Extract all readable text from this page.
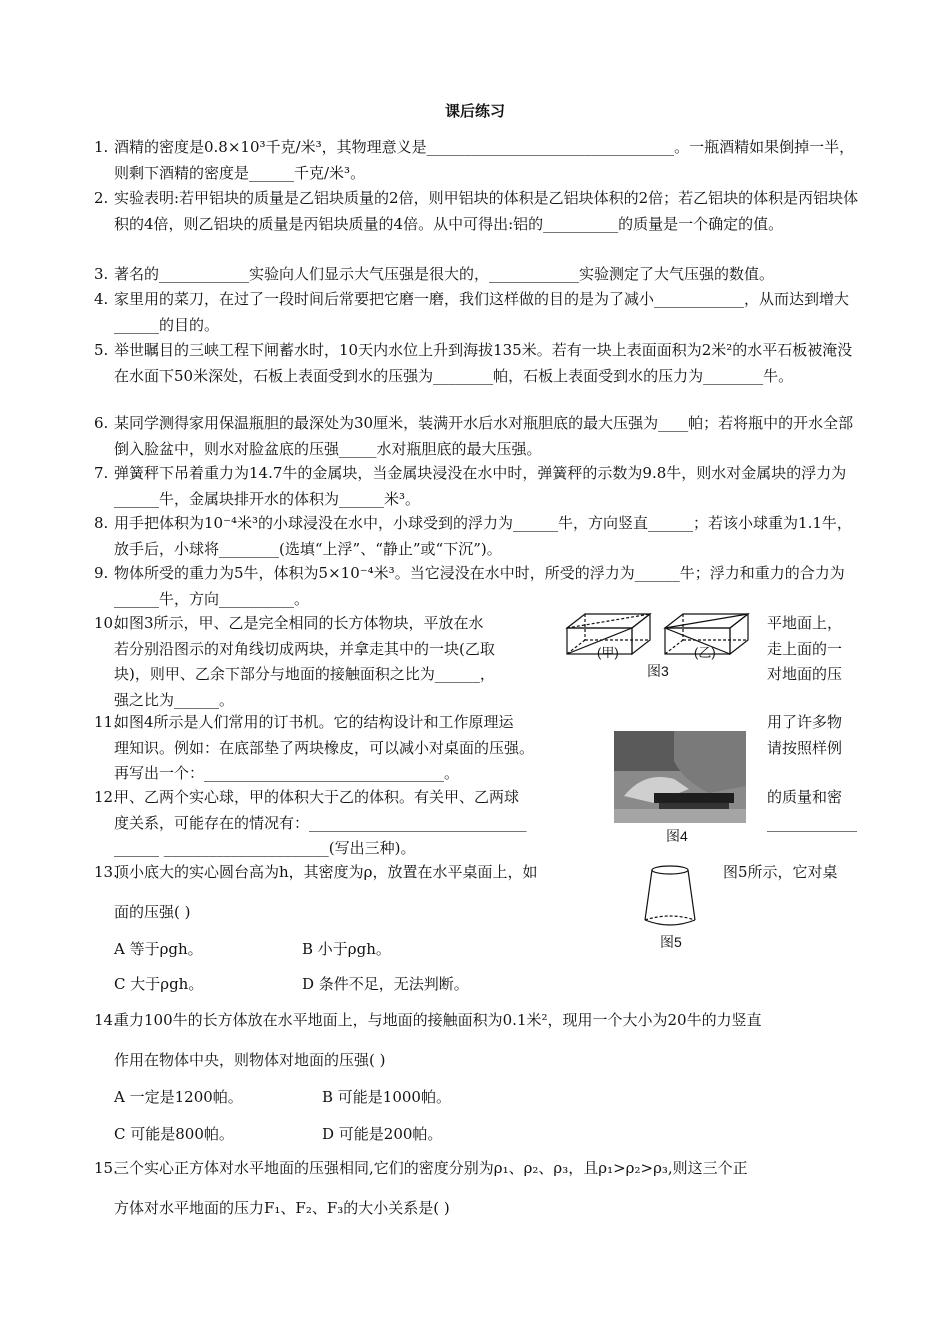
课后练习
1. 酒精的密度是0.8×10³千克/米³，其物理意义是_________________________________。一瓶酒精如果倒掉一半，则剩下酒精的密度是______千克/米³。
2. 实验表明:若甲铝块的质量是乙铝块质量的2倍，则甲铝块的体积是乙铝块体积的2倍；若乙铝块的体积是丙铝块体积的4倍，则乙铝块的质量是丙铝块质量的4倍。从中可得出:铝的__________的质量是一个确定的值。
3. 著名的____________实验向人们显示大气压强是很大的，____________实验测定了大气压强的数值。
4. 家里用的菜刀，在过了一段时间后常要把它磨一磨，我们这样做的目的是为了减小____________，从而达到增大______的目的。
5. 举世瞩目的三峡工程下闸蓄水时，10天内水位上升到海拔135米。若有一块上表面面积为2米²的水平石板被淹没在水面下50米深处，石板上表面受到水的压强为________帕，石板上表面受到水的压力为________牛。
6. 某同学测得家用保温瓶胆的最深处为30厘米，装满开水后水对瓶胆底的最大压强为____帕；若将瓶中的开水全部倒入脸盆中，则水对脸盆底的压强_____水对瓶胆底的最大压强。
7. 弹簧秤下吊着重力为14.7牛的金属块，当金属块浸没在水中时，弹簧秤的示数为9.8牛，则水对金属块的浮力为______牛，金属块排开水的体积为______米³。
8. 用手把体积为10⁻⁴米³的小球浸没在水中，小球受到的浮力为______牛，方向竖直______；若该小球重为1.1牛，放手后，小球将________(选填“上浮”、“静止”或“下沉”)。
9. 物体所受的重力为5牛，体积为5×10⁻⁴米³。当它浸没在水中时，所受的浮力为______牛；浮力和重力的合力为______牛，方向__________。
10.
如图3所示，甲、乙是完全相同的长方体物块，平放在水
若分别沿图示的对角线切成两块，并拿走其中的一块(乙取
块)，则甲、乙余下部分与地面的接触面积之比为______，
强之比为______。
平地面上，
走上面的一
对地面的压
(甲)	(乙)
图3
11.
如图4所示是人们常用的订书机。它的结构设计和工作原理运
理知识。例如：在底部垫了两块橡皮，可以减小对桌面的压强。
再写出一个：________________________________。
用了许多物
请按照样例
12.
甲、乙两个实心球，甲的体积大于乙的体积。有关甲、乙两球
度关系，可能存在的情况有：_____________________________
______ ______________________(写出三种)。
的质量和密
____________
图4
13.
顶小底大的实心圆台高为h，其密度为ρ，放置在水平桌面上，如	图5所示，它对桌
面的压强( )
图5
A 等于ρgh。	B 小于ρgh。
C 大于ρgh。	D 条件不足，无法判断。
14.
重力100牛的长方体放在水平地面上，与地面的接触面积为0.1米²，现用一个大小为20牛的力竖直
作用在物体中央，则物体对地面的压强( )
A 一定是1200帕。	B 可能是1000帕。
C 可能是800帕。	D 可能是200帕。
15.
三个实心正方体对水平地面的压强相同,它们的密度分别为ρ₁、ρ₂、ρ₃，且ρ₁>ρ₂>ρ₃,则这三个正
方体对水平地面的压力F₁、F₂、F₃的大小关系是( )
